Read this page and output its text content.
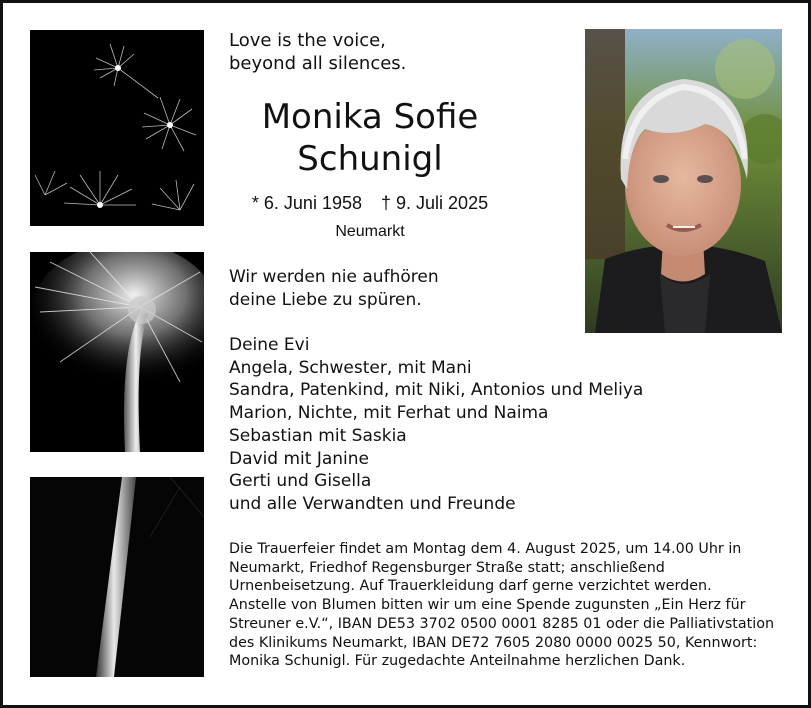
Love is the voice,
beyond all silences.

Monika Sofie
Schunigl
* 6. Juni 1958 † 9. Juli 2025
Neumarkt

Wir werden nie aufhören
deine Liebe zu spüren.

Deine Evi
Angela, Schwester, mit Mani
Sandra, Patenkind, mit Niki, Antonios und Meliya
Marion, Nichte, mit Ferhat und Naima
Sebastian mit Saskia
David mit Janine
Gerti und Gisella
und alle Verwandten und Freunde
Die Trauerfeier findet am Montag dem 4. August 2025, um 14.00 Uhr in
Neumarkt, Friedhof Regensburger Straße statt; anschließend
Urnenbeisetzung. Auf Trauerkleidung darf gerne verzichtet werden.
Anstelle von Blumen bitten wir um eine Spende zugunsten „Ein Herz für
Streuner e.V.“, IBAN DE53 3702 0500 0001 8285 01 oder die Palliativstation
des Klinikums Neumarkt, IBAN DE72 7605 2080 0000 0025 50, Kennwort:
Monika Schunigl. Für zugedachte Anteilnahme herzlichen Dank.
